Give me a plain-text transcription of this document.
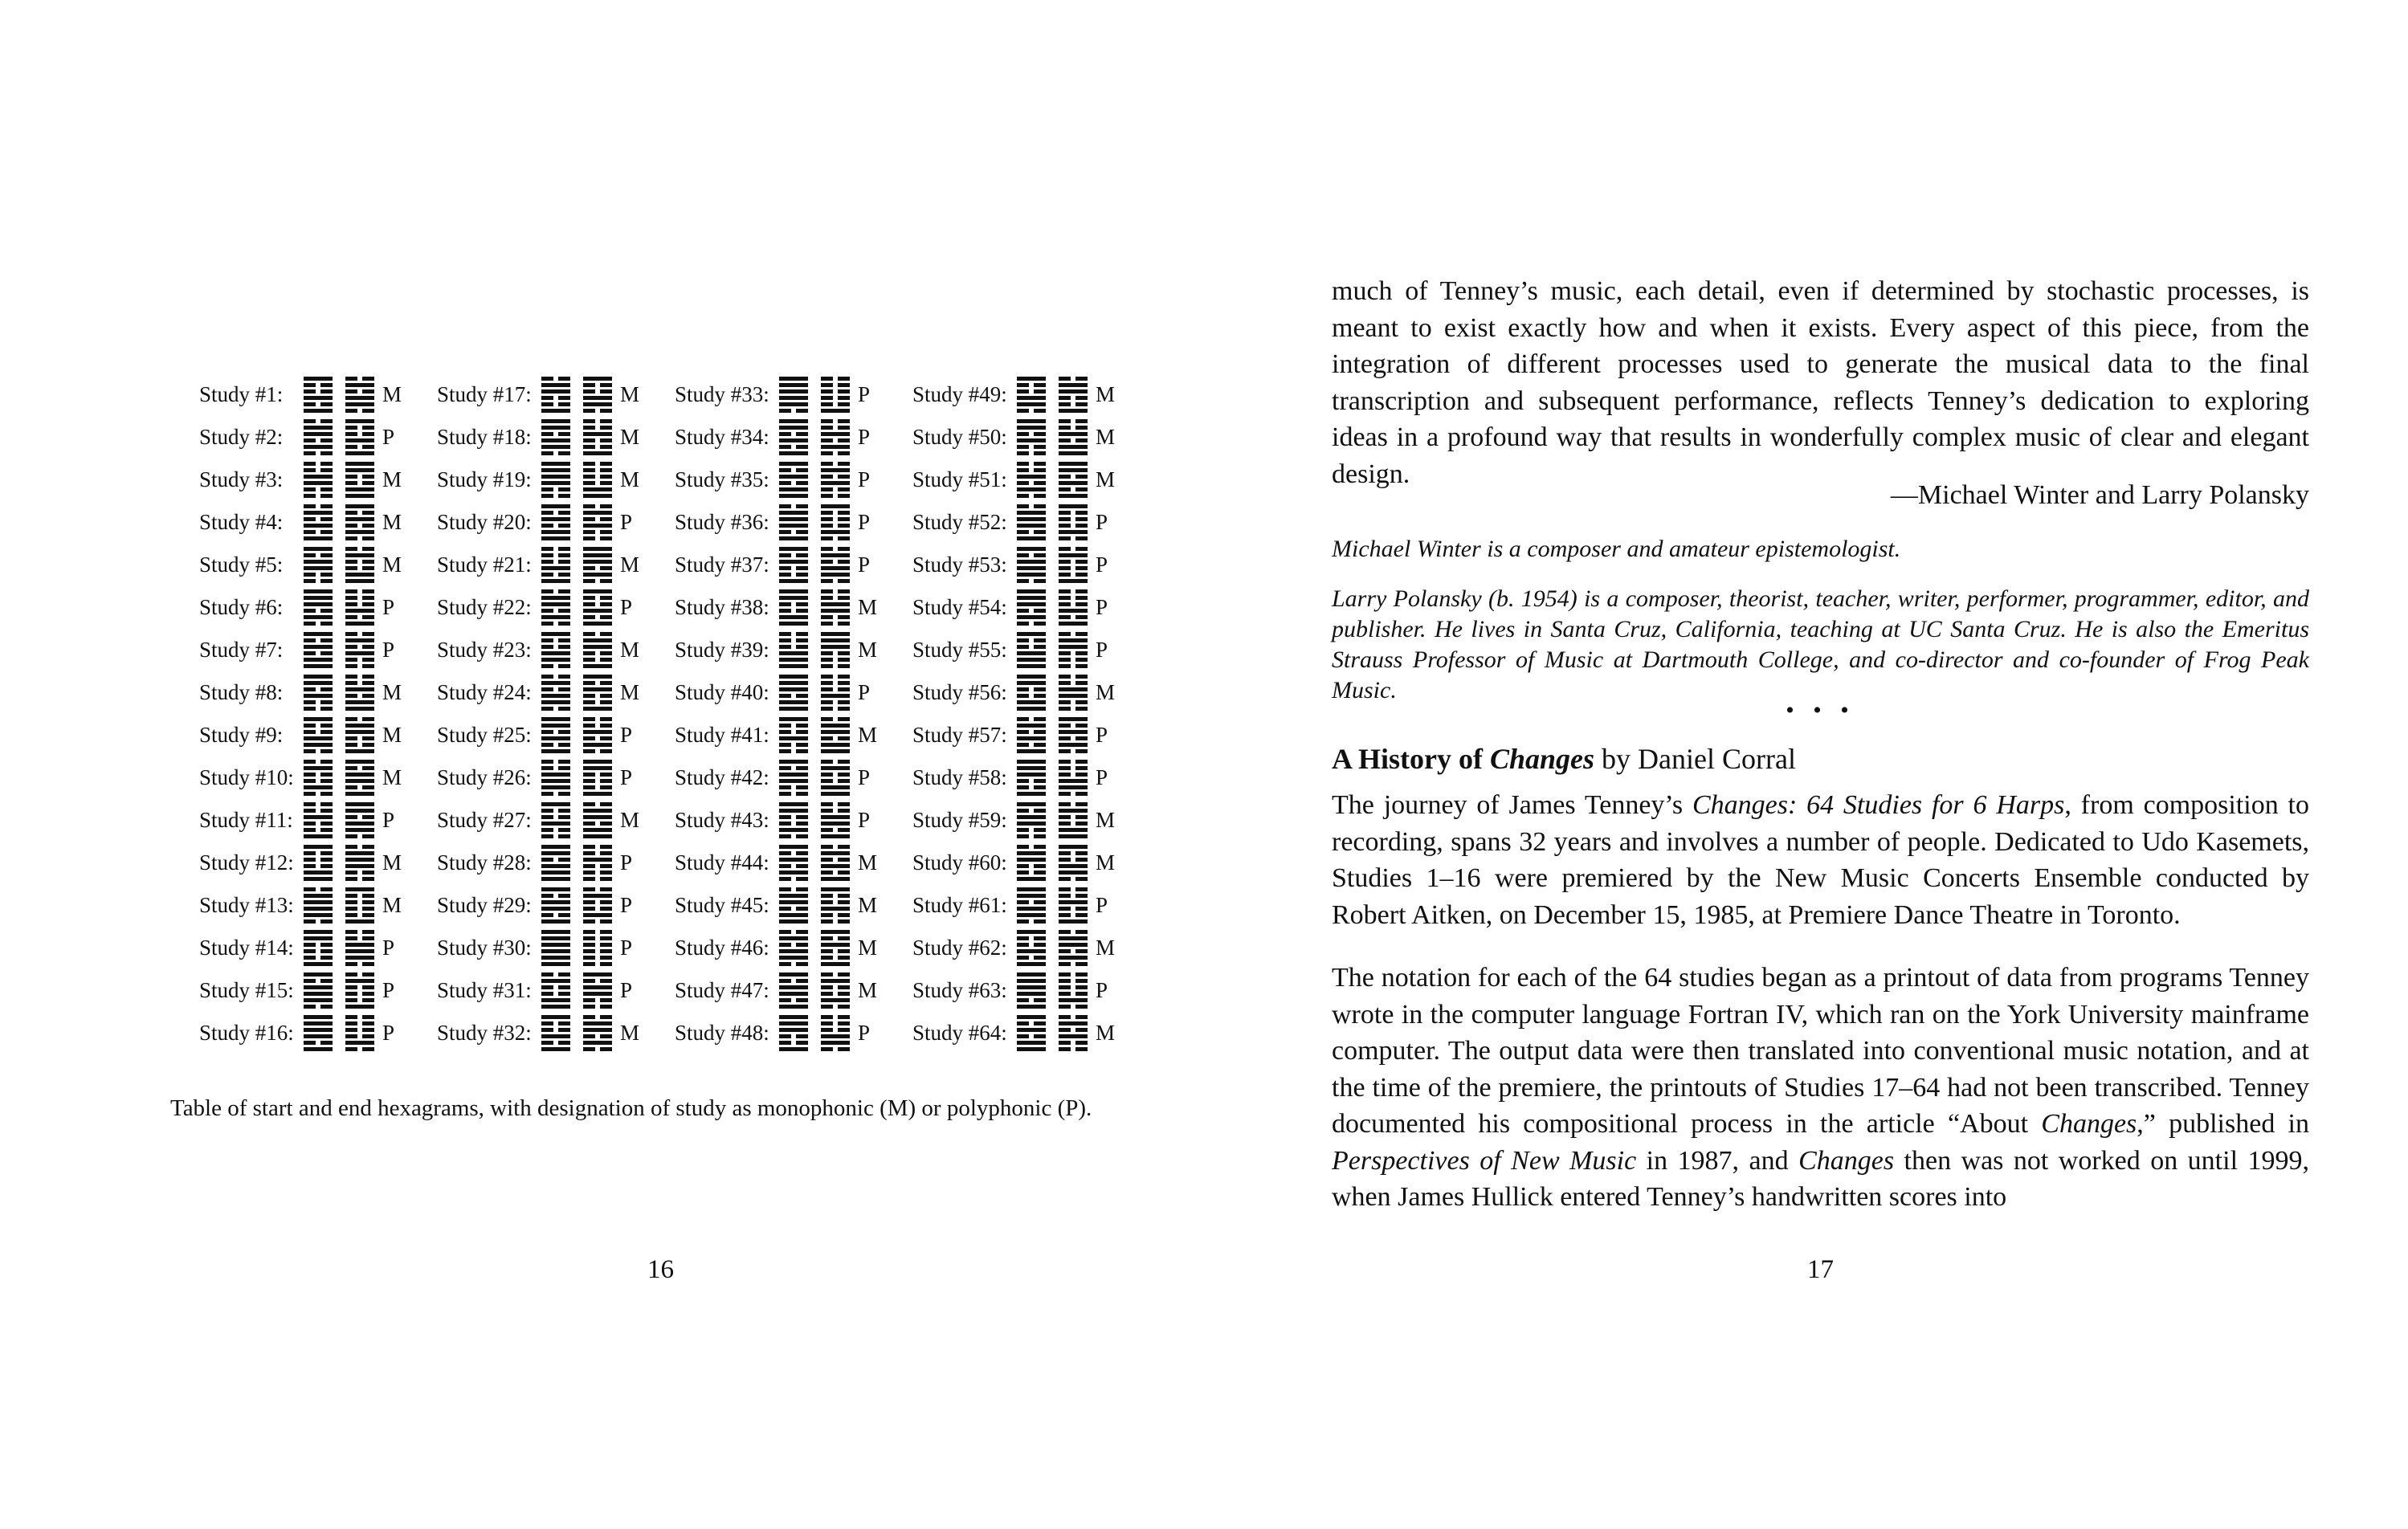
Study #1:	M
Study #2:	P
Study #3:	M
Study #4:	M
Study #5:	M
Study #6:	P
Study #7:	P
Study #8:	M
Study #9:	M
Study #10:	M
Study #11:	P
Study #12:	M
Study #13:	M
Study #14:	P
Study #15:	P
Study #16:	P
Study #17:	M
Study #18:	M
Study #19:	M
Study #20:	P
Study #21:	M
Study #22:	P
Study #23:	M
Study #24:	M
Study #25:	P
Study #26:	P
Study #27:	M
Study #28:	P
Study #29:	P
Study #30:	P
Study #31:	P
Study #32:	M
Study #33:	P
Study #34:	P
Study #35:	P
Study #36:	P
Study #37:	P
Study #38:	M
Study #39:	M
Study #40:	P
Study #41:	M
Study #42:	P
Study #43:	P
Study #44:	M
Study #45:	M
Study #46:	M
Study #47:	M
Study #48:	P
Study #49:	M
Study #50:	M
Study #51:	M
Study #52:	P
Study #53:	P
Study #54:	P
Study #55:	P
Study #56:	M
Study #57:	P
Study #58:	P
Study #59:	M
Study #60:	M
Study #61:	P
Study #62:	M
Study #63:	P
Study #64:	M
Table of start and end hexagrams, with designation of study as monophonic (M) or polyphonic (P).
16
much of Tenney’s music, each detail, even if determined by stochastic processes, is meant to exist exactly how and when it exists. Every aspect of this piece, from the integration of different processes used to generate the musical data to the final transcription and subsequent performance, reflects Tenney’s dedication to exploring ideas in a profound way that results in wonderfully complex music of clear and elegant design.
—Michael Winter and Larry Polansky
Michael Winter is a composer and amateur epistemologist.
Larry Polansky (b. 1954) is a composer, theorist, teacher, writer, performer, programmer, editor, and publisher. He lives in Santa Cruz, California, teaching at UC Santa Cruz. He is also the Emeritus Strauss Professor of Music at Dartmouth College, and co-director and co-founder of Frog Peak Music.
• • •
A History of Changes by Daniel Corral
The journey of James Tenney’s Changes: 64 Studies for 6 Harps, from composition to recording, spans 32 years and involves a number of people. Dedicated to Udo Kasemets, Studies 1–16 were premiered by the New Music Concerts Ensemble conducted by Robert Aitken, on December 15, 1985, at Premiere Dance Theatre in Toronto.
The notation for each of the 64 studies began as a printout of data from programs Tenney wrote in the computer language Fortran IV, which ran on the York University mainframe computer. The output data were then translated into conventional music notation, and at the time of the premiere, the printouts of Studies 17–64 had not been transcribed. Tenney documented his compositional process in the article “About Changes,” published in Perspectives of New Music in 1987, and Changes then was not worked on until 1999, when James Hullick entered Tenney’s handwritten scores into
17
